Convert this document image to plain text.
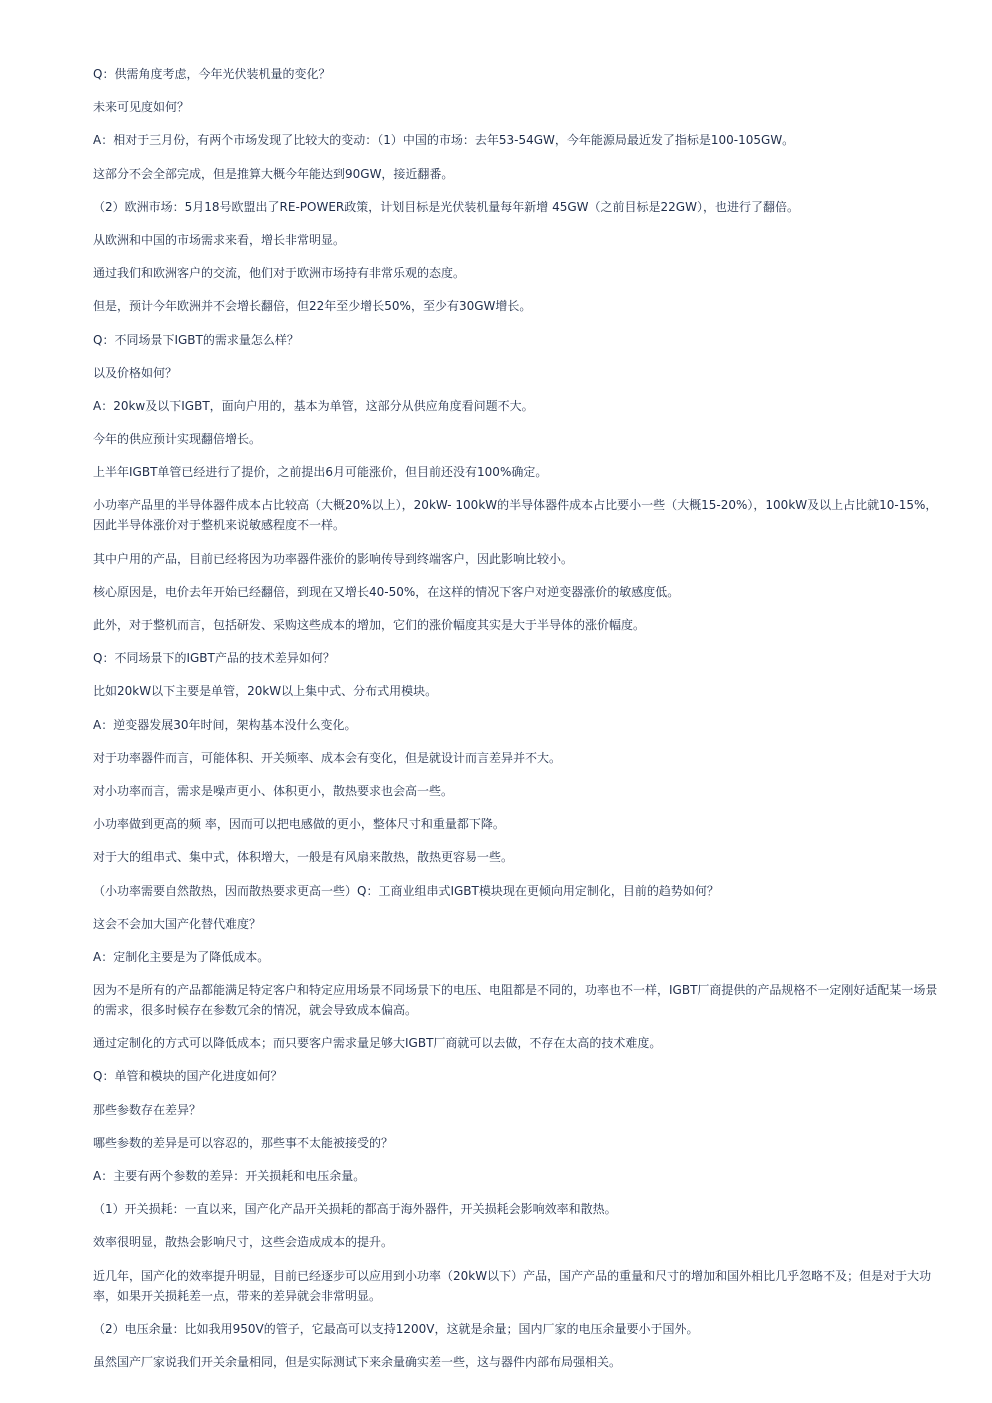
Q：供需角度考虑，今年光伏装机量的变化？

未来可见度如何？

A：相对于三月份，有两个市场发现了比较大的变动：（1）中国的市场：去年53-54GW，今年能源局最近发了指标是100-105GW。

这部分不会全部完成，但是推算大概今年能达到90GW，接近翻番。

（2）欧洲市场：5月18号欧盟出了RE-POWER政策，计划目标是光伏装机量每年新增 45GW（之前目标是22GW），也进行了翻倍。

从欧洲和中国的市场需求来看，增长非常明显。

通过我们和欧洲客户的交流，他们对于欧洲市场持有非常乐观的态度。

但是，预计今年欧洲并不会增长翻倍，但22年至少增长50%，至少有30GW增长。

Q：不同场景下IGBT的需求量怎么样？

以及价格如何？

A：20kw及以下IGBT，面向户用的，基本为单管，这部分从供应角度看问题不大。

今年的供应预计实现翻倍增长。

上半年IGBT单管已经进行了提价，之前提出6月可能涨价，但目前还没有100%确定。

小功率产品里的半导体器件成本占比较高（大概20%以上），20kW- 100kW的半导体器件成本占比要小一些（大概15-20%），100kW及以上占比就10-15%，因此半导体涨价对于整机来说敏感程度不一样。

其中户用的产品，目前已经将因为功率器件涨价的影响传导到终端客户，因此影响比较小。

核心原因是，电价去年开始已经翻倍，到现在又增长40-50%，在这样的情况下客户对逆变器涨价的敏感度低。

此外，对于整机而言，包括研发、采购这些成本的增加，它们的涨价幅度其实是大于半导体的涨价幅度。

Q：不同场景下的IGBT产品的技术差异如何？

比如20kW以下主要是单管，20kW以上集中式、分布式用模块。

A：逆变器发展30年时间，架构基本没什么变化。

对于功率器件而言，可能体积、开关频率、成本会有变化，但是就设计而言差异并不大。

对小功率而言，需求是噪声更小、体积更小，散热要求也会高一些。

小功率做到更高的频 率，因而可以把电感做的更小，整体尺寸和重量都下降。

对于大的组串式、集中式，体积增大，一般是有风扇来散热，散热更容易一些。

（小功率需要自然散热，因而散热要求更高一些）Q：工商业组串式IGBT模块现在更倾向用定制化，目前的趋势如何？

这会不会加大国产化替代难度？

A：定制化主要是为了降低成本。

因为不是所有的产品都能满足特定客户和特定应用场景不同场景下的电压、电阻都是不同的，功率也不一样，IGBT厂商提供的产品规格不一定刚好适配某一场景的需求，很多时候存在参数冗余的情况，就会导致成本偏高。

通过定制化的方式可以降低成本；而只要客户需求量足够大IGBT厂商就可以去做，不存在太高的技术难度。

Q：单管和模块的国产化进度如何？

那些参数存在差异？

哪些参数的差异是可以容忍的，那些事不太能被接受的？

A：主要有两个参数的差异：开关损耗和电压余量。

（1）开关损耗：一直以来，国产化产品开关损耗的都高于海外器件，开关损耗会影响效率和散热。

效率很明显，散热会影响尺寸，这些会造成成本的提升。

近几年，国产化的效率提升明显，目前已经逐步可以应用到小功率（20kW以下）产品，国产产品的重量和尺寸的增加和国外相比几乎忽略不及；但是对于大功率，如果开关损耗差一点，带来的差异就会非常明显。

（2）电压余量：比如我用950V的管子，它最高可以支持1200V，这就是余量；国内厂家的电压余量要小于国外。

虽然国产厂家说我们开关余量相同，但是实际测试下来余量确实差一些，这与器件内部布局强相关。
